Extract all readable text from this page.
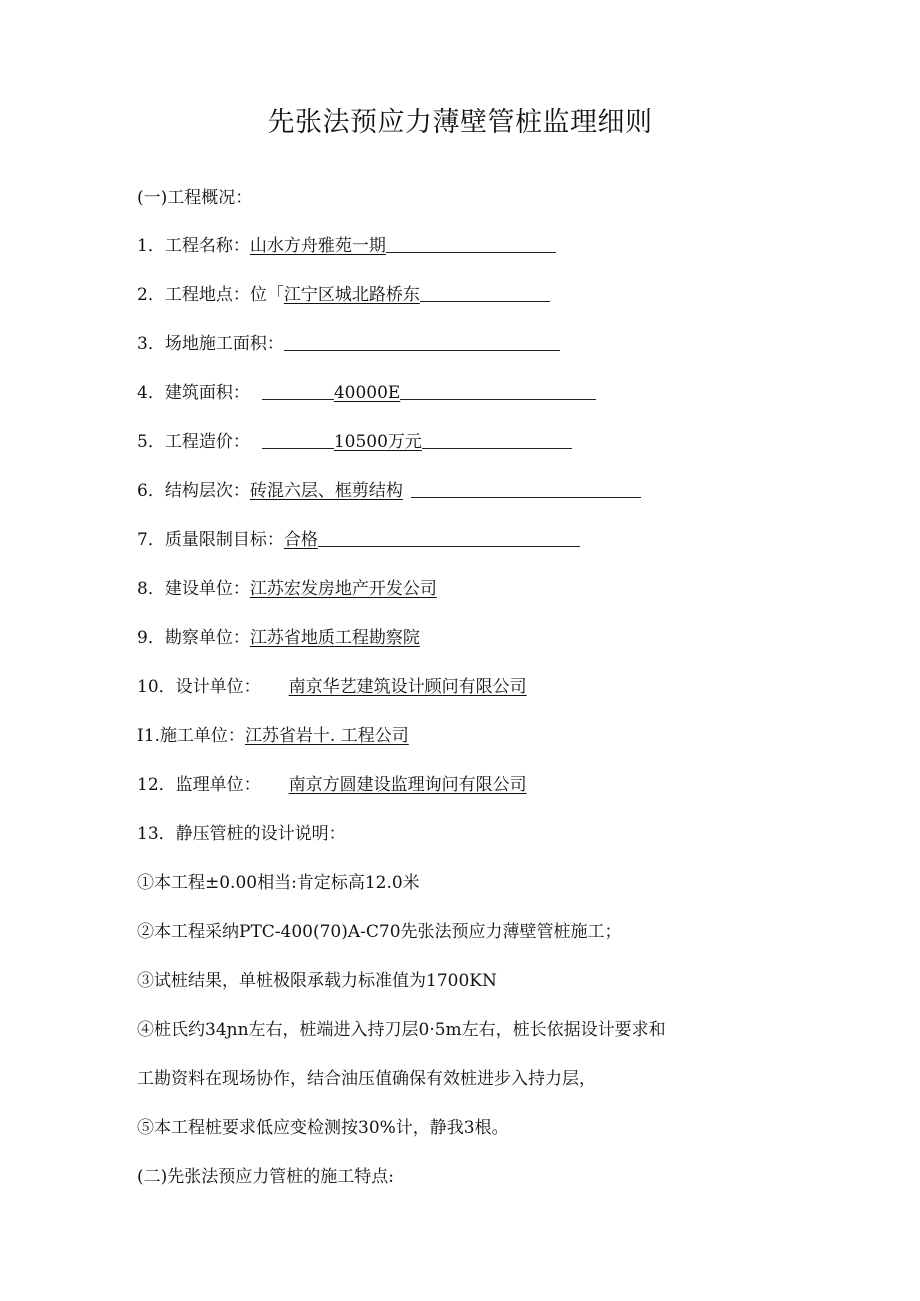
先张法预应力薄壁管桩监理细则
(一)工程概况：
1．工程名称：山水方舟雅苑一期
2．工程地点：位「江宁区城北路桥东
3．场地施工面积：
4．建筑面积：	40000E
5．工程造价：	10500万元
6．结构层次：砖混六层、框剪结构
7．质量限制目标：合格
8．建设单位：江苏宏发房地产开发公司
9．勘察单位：江苏省地质工程勘察院
10．设计单位： 南京华艺建筑设计顾问有限公司
I1.施工单位：江苏省岩十. 工程公司
12．监理单位： 南京方圆建设监理询问有限公司
13．静压管桩的设计说明：
①本工程±0.00相当:肯定标高12.0米
②本工程采纳PTC-400(70)A-C70先张法预应力薄壁管桩施工；
③试桩结果，单桩极限承载力标准值为1700KN
④桩氏约34ɲn左右，桩端进入持刀层0·5m左右，桩长依据设计要求和
工勘资料在现场协作，结合油压值确保有效桩进步入持力层，
⑤本工程桩要求低应变检测按30%计，静我3根。
(二)先张法预应力管桩的施工特点:
